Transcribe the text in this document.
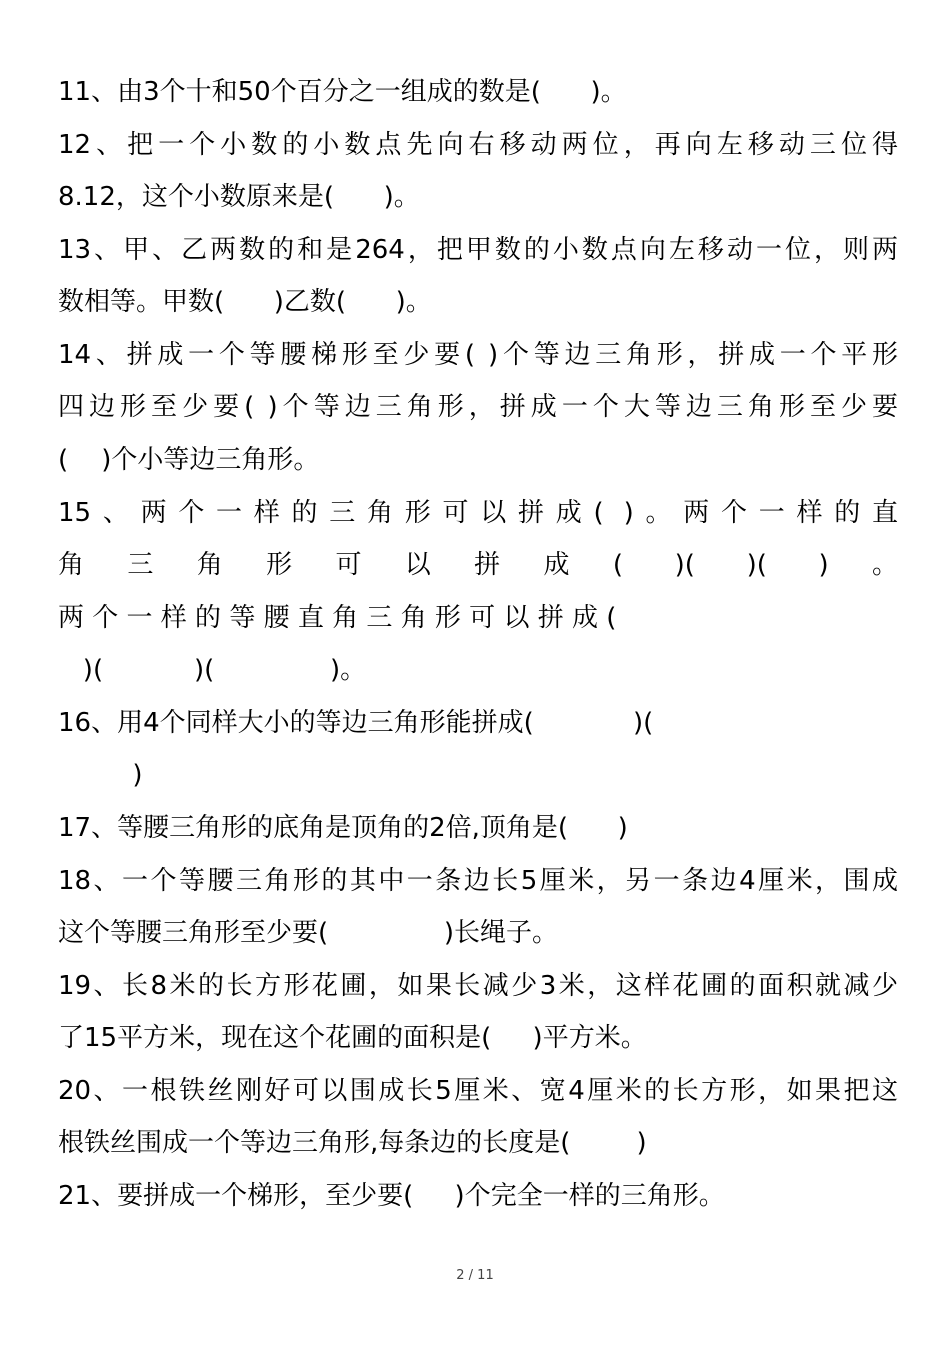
11、由3个十和50个百分之一组成的数是(      )。
12、把一个小数的小数点先向右移动两位，再向左移动三位得
8.12，这个小数原来是(      )。
13、甲、乙两数的和是264，把甲数的小数点向左移动一位，则两
数相等。甲数(      )乙数(      )。
14、拼成一个等腰梯形至少要( )个等边三角形，拼成一个平形
四边形至少要( )个等边三角形，拼成一个大等边三角形至少要
(    )个小等边三角形。
15、两个一样的三角形可以拼成( )。两个一样的直
角三角形可以拼成( )( )( )。
两 个 一 样 的 等 腰 直 角 三 角 形 可 以 拼 成 (
)(           )(              )。
16、用4个同样大小的等边三角形能拼成(            )(
)
17、等腰三角形的底角是顶角的2倍,顶角是(      )
18、一个等腰三角形的其中一条边长5厘米，另一条边4厘米，围成
这个等腰三角形至少要(              )长绳子。
19、长8米的长方形花圃，如果长减少3米，这样花圃的面积就减少
了15平方米，现在这个花圃的面积是(     )平方米。
20、一根铁丝刚好可以围成长5厘米、宽4厘米的长方形，如果把这
根铁丝围成一个等边三角形,每条边的长度是(        )
21、要拼成一个梯形，至少要(     )个完全一样的三角形。
2 / 11
